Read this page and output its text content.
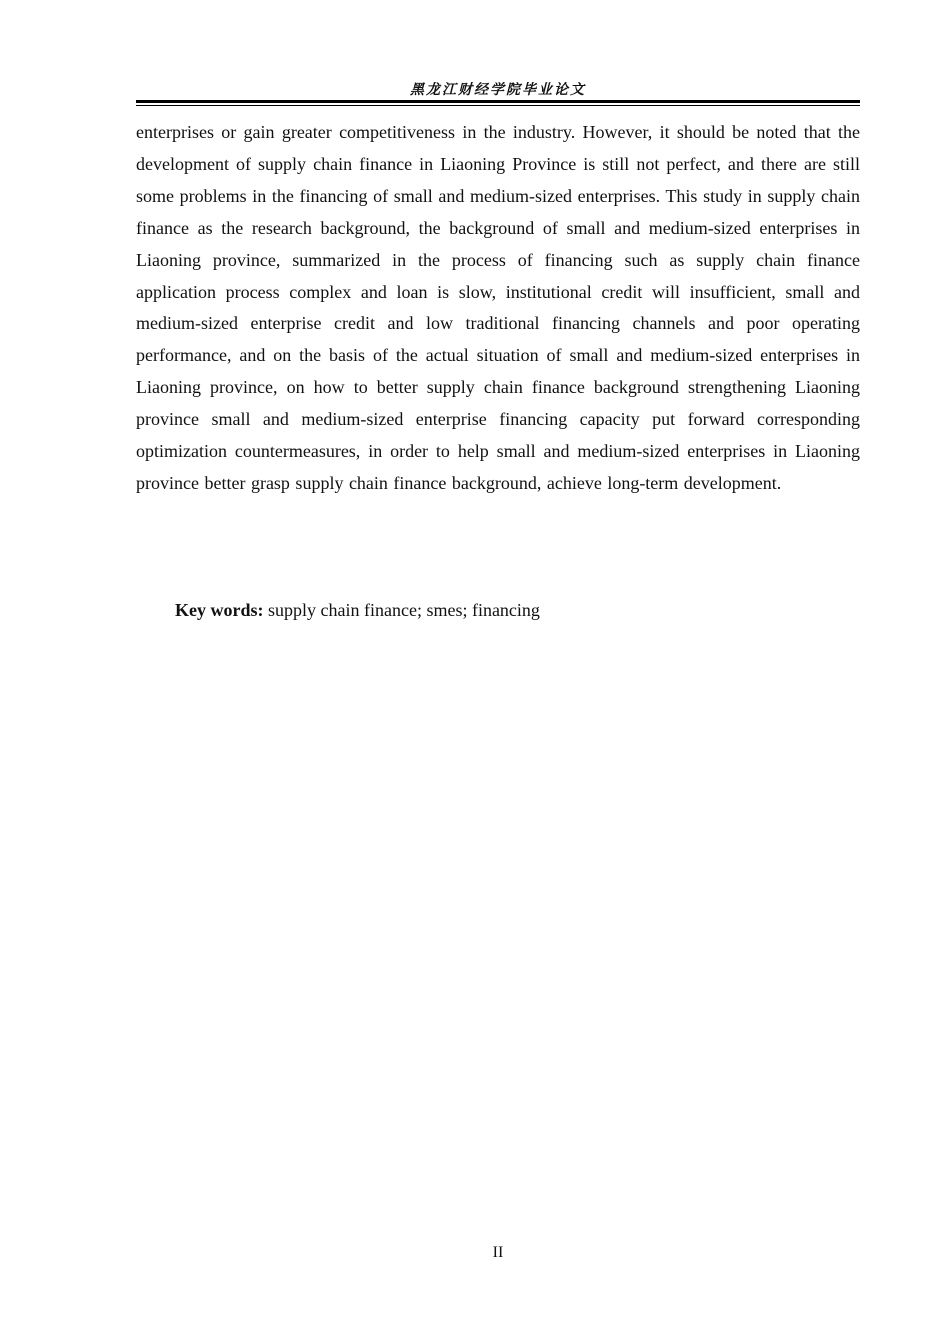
黑龙江财经学院毕业论文

enterprises or gain greater competitiveness in the industry. However, it should be noted that the development of supply chain finance in Liaoning Province is still not perfect, and there are still some problems in the financing of small and medium-sized enterprises. This study in supply chain finance as the research background, the background of small and medium-sized enterprises in Liaoning province, summarized in the process of financing such as supply chain finance application process complex and loan is slow, institutional credit will insufficient, small and medium-sized enterprise credit and low traditional financing channels and poor operating performance, and on the basis of the actual situation of small and medium-sized enterprises in Liaoning province, on how to better supply chain finance background strengthening Liaoning province small and medium-sized enterprise financing capacity put forward corresponding optimization countermeasures, in order to help small and medium-sized enterprises in Liaoning province better grasp supply chain finance background, achieve long-term development.

Key words: supply chain finance; smes; financing

II
